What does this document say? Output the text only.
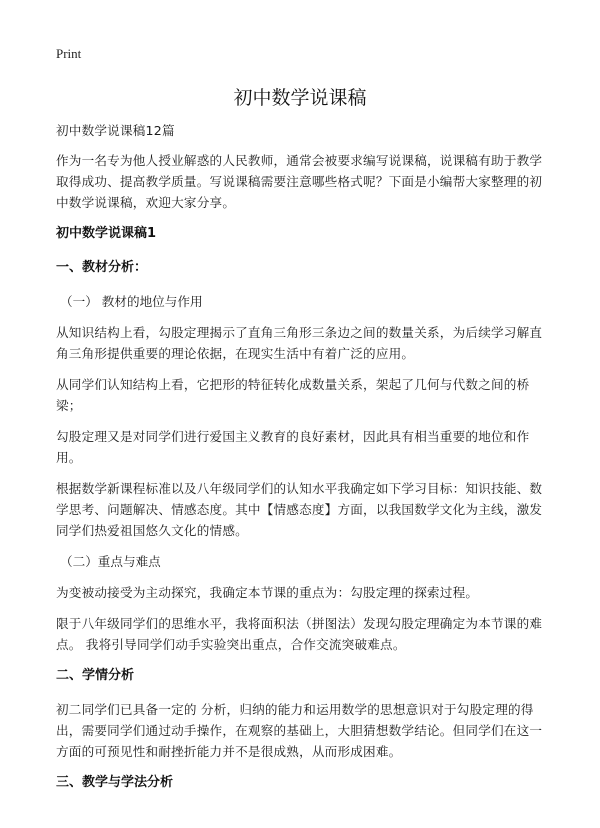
Print
初中数学说课稿

初中数学说课稿12篇

作为一名专为他人授业解惑的人民教师，通常会被要求编写说课稿，说课稿有助于教学取得成功、提高教学质量。写说课稿需要注意哪些格式呢？下面是小编帮大家整理的初中数学说课稿，欢迎大家分享。

初中数学说课稿1
一、教材分析：
（一） 教材的地位与作用

从知识结构上看，勾股定理揭示了直角三角形三条边之间的数量关系，为后续学习解直角三角形提供重要的理论依据，在现实生活中有着广泛的应用。

从同学们认知结构上看，它把形的特征转化成数量关系，架起了几何与代数之间的桥梁；

勾股定理又是对同学们进行爱国主义教育的良好素材，因此具有相当重要的地位和作用。

根据数学新课程标准以及八年级同学们的认知水平我确定如下学习目标：知识技能、数学思考、问题解决、情感态度。其中【情感态度】方面，以我国数学文化为主线，激发同学们热爱祖国悠久文化的情感。

（二）重点与难点

为变被动接受为主动探究，我确定本节课的重点为：勾股定理的探索过程。

限于八年级同学们的思维水平，我将面积法（拼图法）发现勾股定理确定为本节课的难点。 我将引导同学们动手实验突出重点，合作交流突破难点。

二、学情分析

初二同学们已具备一定的 分析，归纳的能力和运用数学的思想意识对于勾股定理的得出，需要同学们通过动手操作，在观察的基础上，大胆猜想数学结论。但同学们在这一方面的可预见性和耐挫折能力并不是很成熟，从而形成困难。

三、教学与学法分析
